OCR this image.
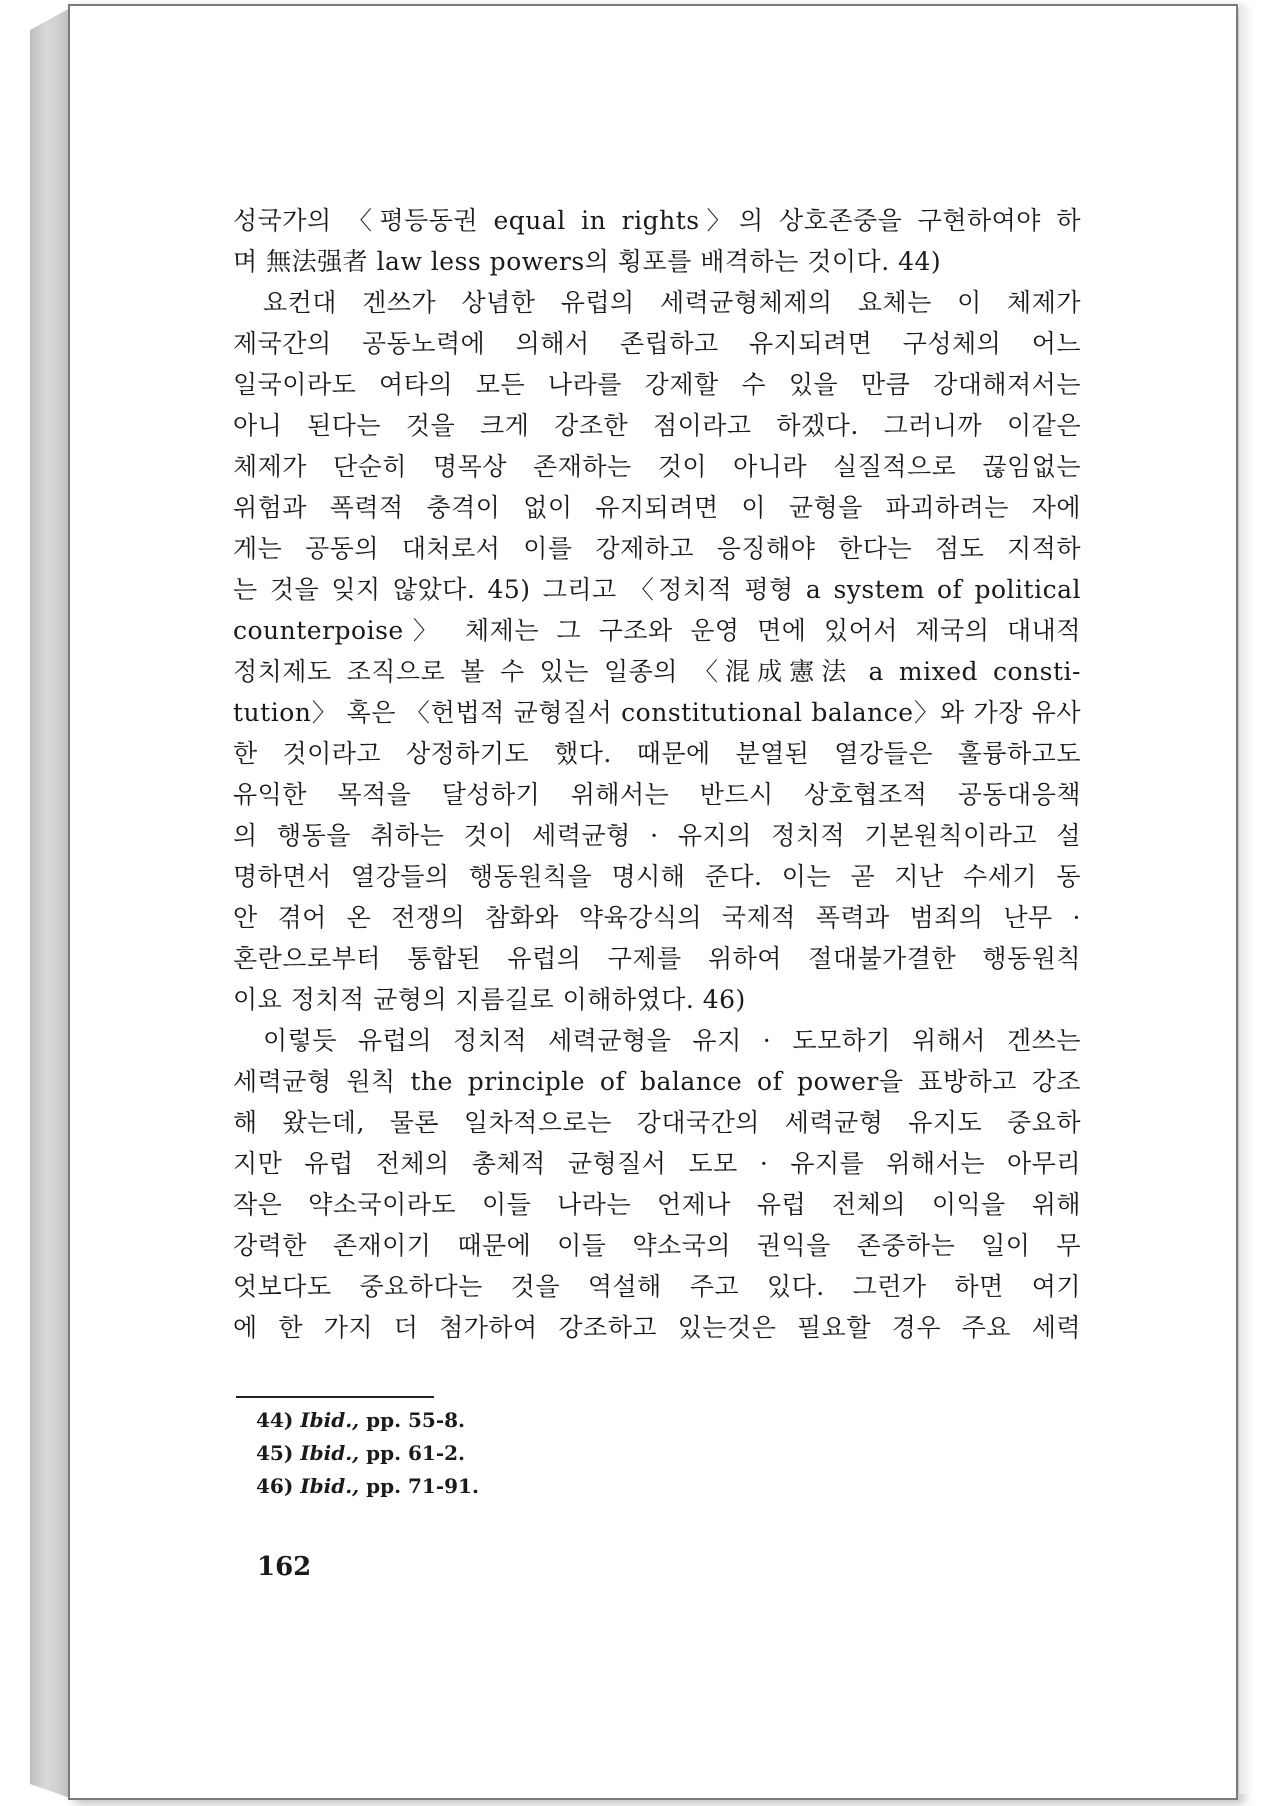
성국가의 〈평등동권 equal in rights〉의 상호존중을 구현하여야 하
며 無法强者 law less powers의 횡포를 배격하는 것이다. 44)
요컨대 겐쓰가 상념한 유럽의 세력균형체제의 요체는 이 체제가
제국간의 공동노력에 의해서 존립하고 유지되려면 구성체의 어느
일국이라도 여타의 모든 나라를 강제할 수 있을 만큼 강대해져서는
아니 된다는 것을 크게 강조한 점이라고 하겠다. 그러니까 이같은
체제가 단순히 명목상 존재하는 것이 아니라 실질적으로 끊임없는
위험과 폭력적 충격이 없이 유지되려면 이 균형을 파괴하려는 자에
게는 공동의 대처로서 이를 강제하고 응징해야 한다는 점도 지적하
는 것을 잊지 않았다. 45) 그리고 〈정치적 평형 a system of political
counterpoise〉 체제는 그 구조와 운영 면에 있어서 제국의 대내적
정치제도 조직으로 볼 수 있는 일종의 〈混成憲法 a mixed consti-
tution〉 혹은 〈헌법적 균형질서 constitutional balance〉와 가장 유사
한 것이라고 상정하기도 했다. 때문에 분열된 열강들은 훌륭하고도
유익한 목적을 달성하기 위해서는 반드시 상호협조적 공동대응책
의 행동을 취하는 것이 세력균형 · 유지의 정치적 기본원칙이라고 설
명하면서 열강들의 행동원칙을 명시해 준다. 이는 곧 지난 수세기 동
안 겪어 온 전쟁의 참화와 약육강식의 국제적 폭력과 범죄의 난무 ·
혼란으로부터 통합된 유럽의 구제를 위하여 절대불가결한 행동원칙
이요 정치적 균형의 지름길로 이해하였다. 46)
이렇듯 유럽의 정치적 세력균형을 유지 · 도모하기 위해서 겐쓰는
세력균형 원칙 the principle of balance of power을 표방하고 강조
해 왔는데, 물론 일차적으로는 강대국간의 세력균형 유지도 중요하
지만 유럽 전체의 총체적 균형질서 도모 · 유지를 위해서는 아무리
작은 약소국이라도 이들 나라는 언제나 유럽 전체의 이익을 위해
강력한 존재이기 때문에 이들 약소국의 권익을 존중하는 일이 무
엇보다도 중요하다는 것을 역설해 주고 있다. 그런가 하면 여기
에 한 가지 더 첨가하여 강조하고 있는것은 필요할 경우 주요 세력
44) Ibid., pp. 55-8.
45) Ibid., pp. 61-2.
46) Ibid., pp. 71-91.
162
